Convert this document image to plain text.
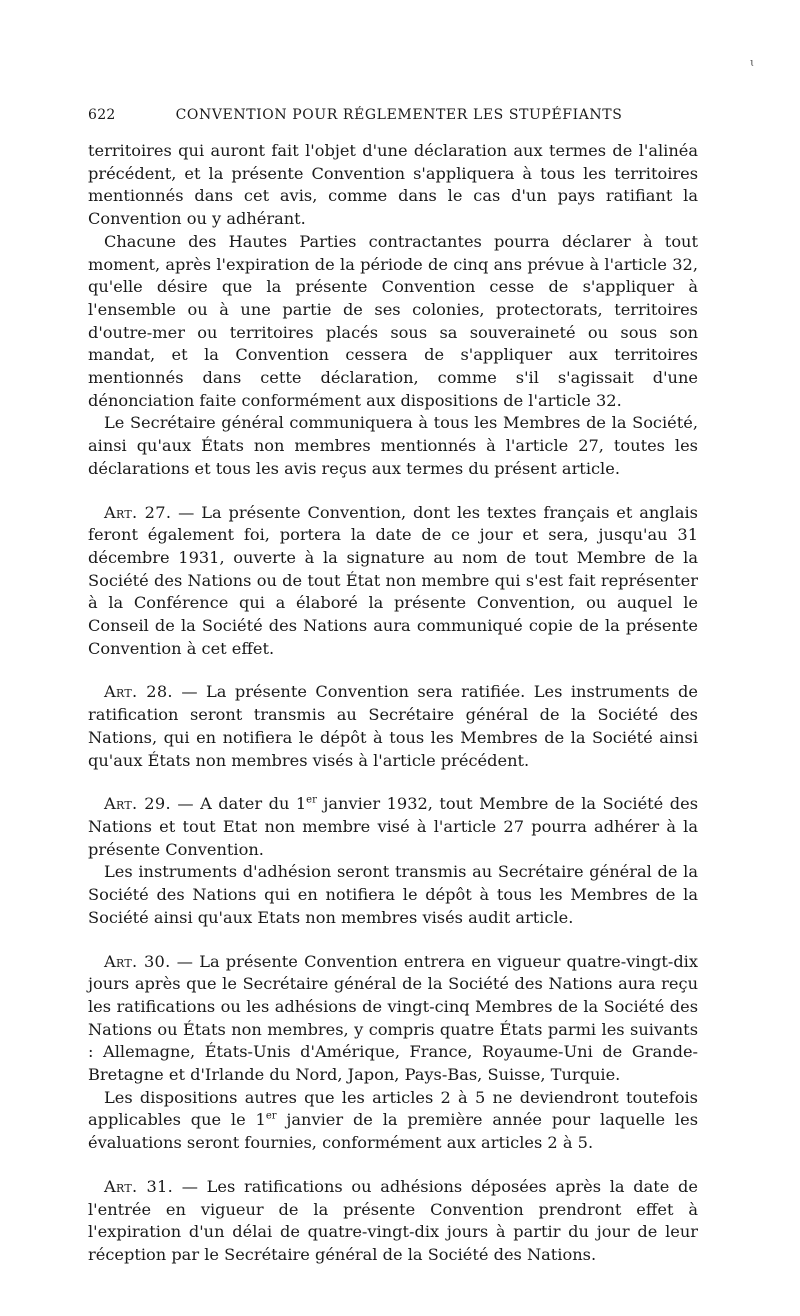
ɩ
622	CONVENTION POUR RÉGLEMENTER LES STUPÉFIANTS

territoires qui auront fait l'objet d'une déclaration aux termes de l'alinéa précédent, et la présente Convention s'appliquera à tous les territoires mentionnés dans cet avis, comme dans le cas d'un pays ratifiant la Convention ou y adhérant.

Chacune des Hautes Parties contractantes pourra déclarer à tout moment, après l'expiration de la période de cinq ans prévue à l'article 32, qu'elle désire que la présente Convention cesse de s'appliquer à l'ensemble ou à une partie de ses colonies, protectorats, territoires d'outre-mer ou territoires placés sous sa souveraineté ou sous son mandat, et la Convention cessera de s'appliquer aux territoires mentionnés dans cette déclaration, comme s'il s'agissait d'une dénonciation faite conformément aux dispositions de l'article 32.

Le Secrétaire général communiquera à tous les Membres de la Société, ainsi qu'aux États non membres mentionnés à l'article 27, toutes les déclarations et tous les avis reçus aux termes du présent article.

Art. 27. — La présente Convention, dont les textes français et anglais feront également foi, portera la date de ce jour et sera, jusqu'au 31 décembre 1931, ouverte à la signature au nom de tout Membre de la Société des Nations ou de tout État non membre qui s'est fait représenter à la Conférence qui a élaboré la présente Convention, ou auquel le Conseil de la Société des Nations aura communiqué copie de la présente Convention à cet effet.

Art. 28. — La présente Convention sera ratifiée. Les instruments de ratification seront transmis au Secrétaire général de la Société des Nations, qui en notifiera le dépôt à tous les Membres de la Société ainsi qu'aux États non membres visés à l'article précédent.

Art. 29. — A dater du 1er janvier 1932, tout Membre de la Société des Nations et tout Etat non membre visé à l'article 27 pourra adhérer à la présente Convention.

Les instruments d'adhésion seront transmis au Secrétaire général de la Société des Nations qui en notifiera le dépôt à tous les Membres de la Société ainsi qu'aux Etats non membres visés audit article.

Art. 30. — La présente Convention entrera en vigueur quatre-vingt-dix jours après que le Secrétaire général de la Société des Nations aura reçu les ratifications ou les adhésions de vingt-cinq Membres de la Société des Nations ou États non membres, y compris quatre États parmi les suivants : Allemagne, États-Unis d'Amérique, France, Royaume-Uni de Grande-Bretagne et d'Irlande du Nord, Japon, Pays-Bas, Suisse, Turquie.

Les dispositions autres que les articles 2 à 5 ne deviendront toutefois applicables que le 1er janvier de la première année pour laquelle les évaluations seront fournies, conformément aux articles 2 à 5.

Art. 31. — Les ratifications ou adhésions déposées après la date de l'entrée en vigueur de la présente Convention prendront effet à l'expiration d'un délai de quatre-vingt-dix jours à partir du jour de leur réception par le Secrétaire général de la Société des Nations.
